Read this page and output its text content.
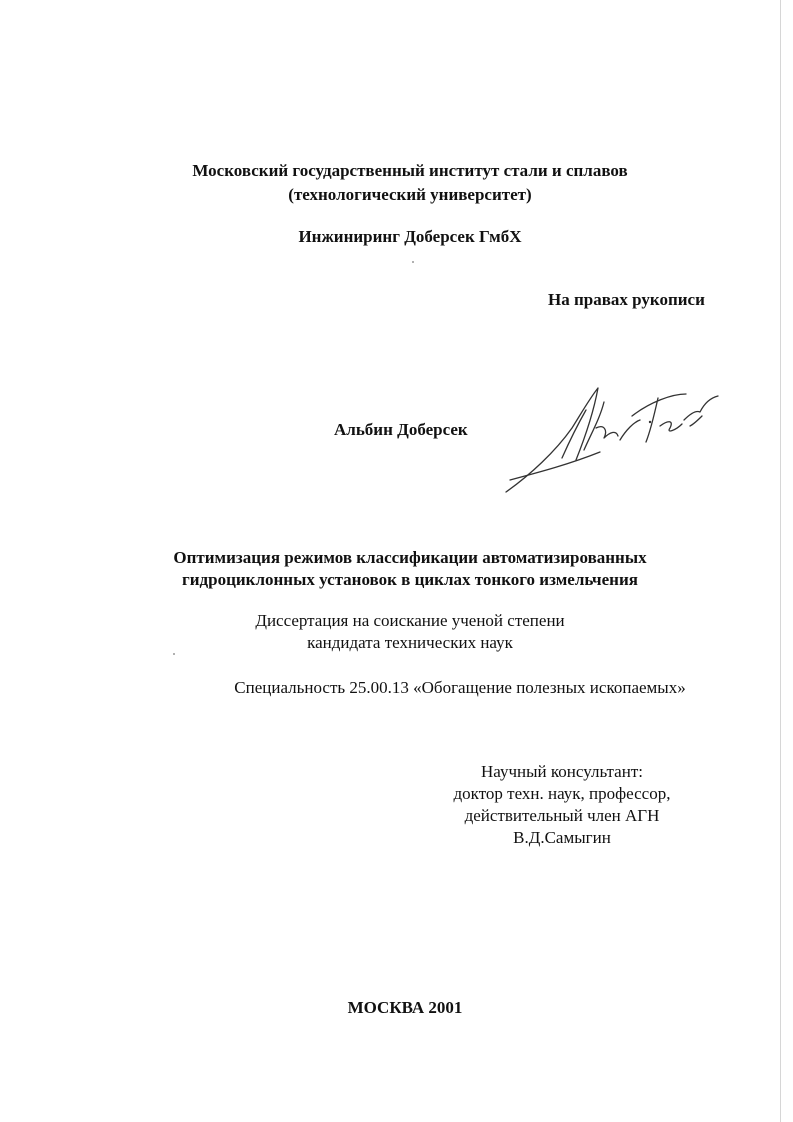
Московский государственный институт стали и сплавов
(технологический университет)
Инжиниринг Доберсек ГмбХ
На правах рукописи
Альбин Доберсек
Оптимизация режимов классификации автоматизированных
гидроциклонных установок в циклах тонкого измельчения
Диссертация на соискание ученой степени
кандидата технических наук
Специальность 25.00.13 «Обогащение полезных ископаемых»
Научный консультант:
доктор техн. наук, профессор,
действительный член АГН
В.Д.Самыгин
МОСКВА 2001
